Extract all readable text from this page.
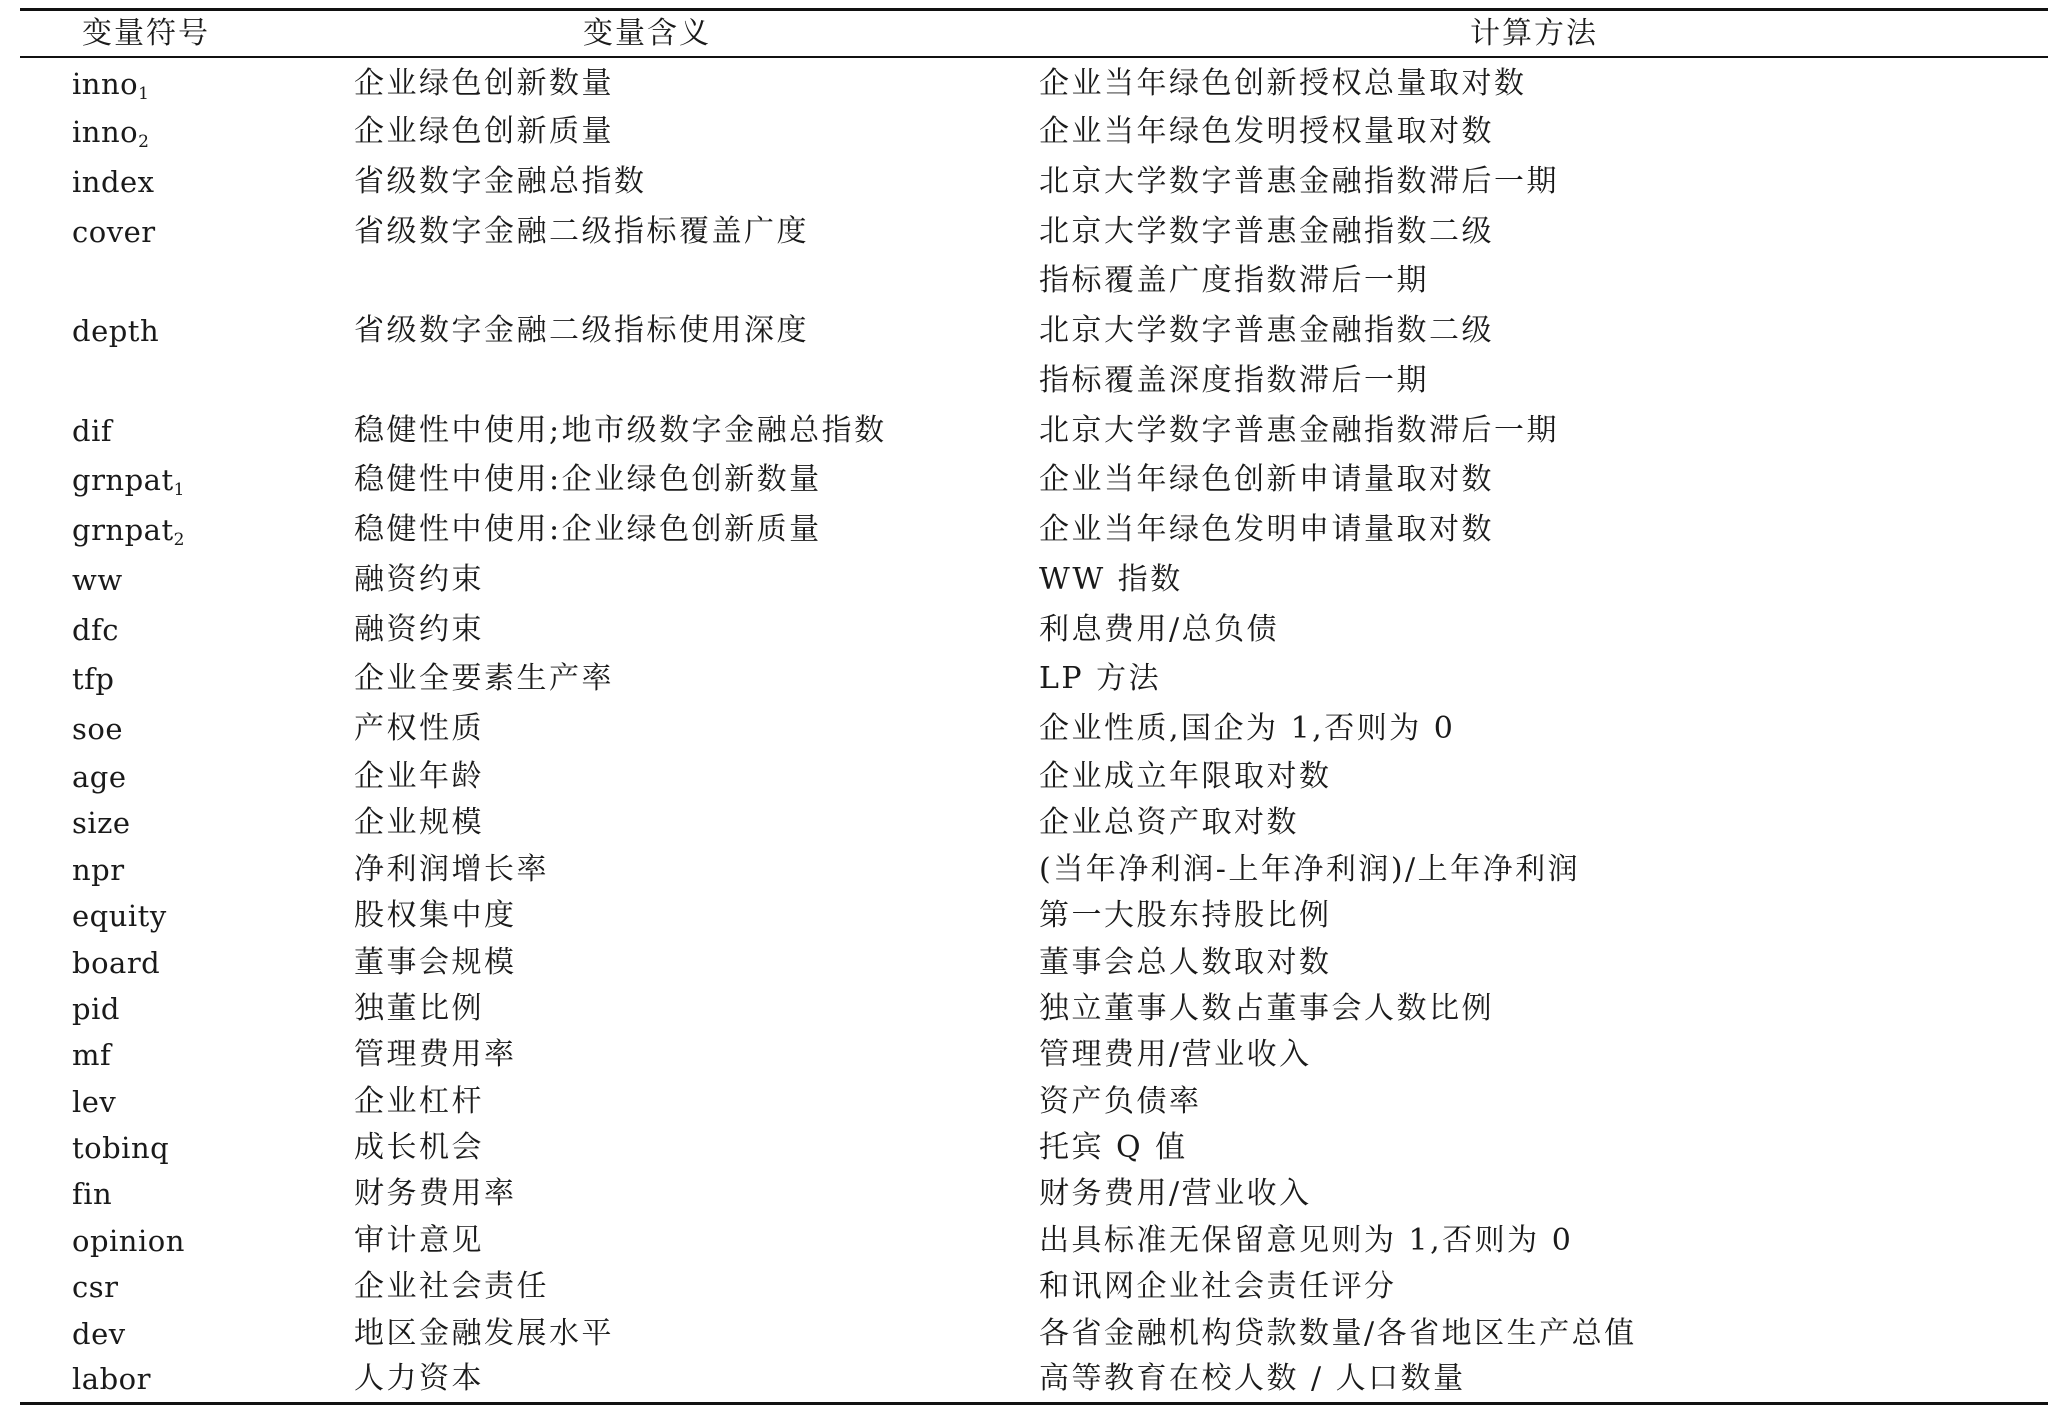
变量符号	变量含义	计算方法
inno$_1$	企业绿色创新数量	企业当年绿色创新授权总量取对数
inno$_2$	企业绿色创新质量	企业当年绿色发明授权量取对数
index	省级数字金融总指数	北京大学数字普惠金融指数滞后一期
cover	省级数字金融二级指标覆盖广度	北京大学数字普惠金融指数二级
指标覆盖广度指数滞后一期
depth	省级数字金融二级指标使用深度	北京大学数字普惠金融指数二级
指标覆盖深度指数滞后一期
dif	稳健性中使用;地市级数字金融总指数	北京大学数字普惠金融指数滞后一期
grnpat$_1$	稳健性中使用:企业绿色创新数量	企业当年绿色创新申请量取对数
grnpat$_2$	稳健性中使用:企业绿色创新质量	企业当年绿色发明申请量取对数
ww	融资约束	WW 指数
dfc	融资约束	利息费用/总负债
tfp	企业全要素生产率	LP 方法
soe	产权性质	企业性质,国企为 1,否则为 0
age	企业年龄	企业成立年限取对数
size	企业规模	企业总资产取对数
npr	净利润增长率	(当年净利润-上年净利润)/上年净利润
equity	股权集中度	第一大股东持股比例
board	董事会规模	董事会总人数取对数
pid	独董比例	独立董事人数占董事会人数比例
mf	管理费用率	管理费用/营业收入
lev	企业杠杆	资产负债率
tobinq	成长机会	托宾 Q 值
fin	财务费用率	财务费用/营业收入
opinion	审计意见	出具标准无保留意见则为 1,否则为 0
csr	企业社会责任	和讯网企业社会责任评分
dev	地区金融发展水平	各省金融机构贷款数量/各省地区生产总值
labor	人力资本	高等教育在校人数 / 人口数量
